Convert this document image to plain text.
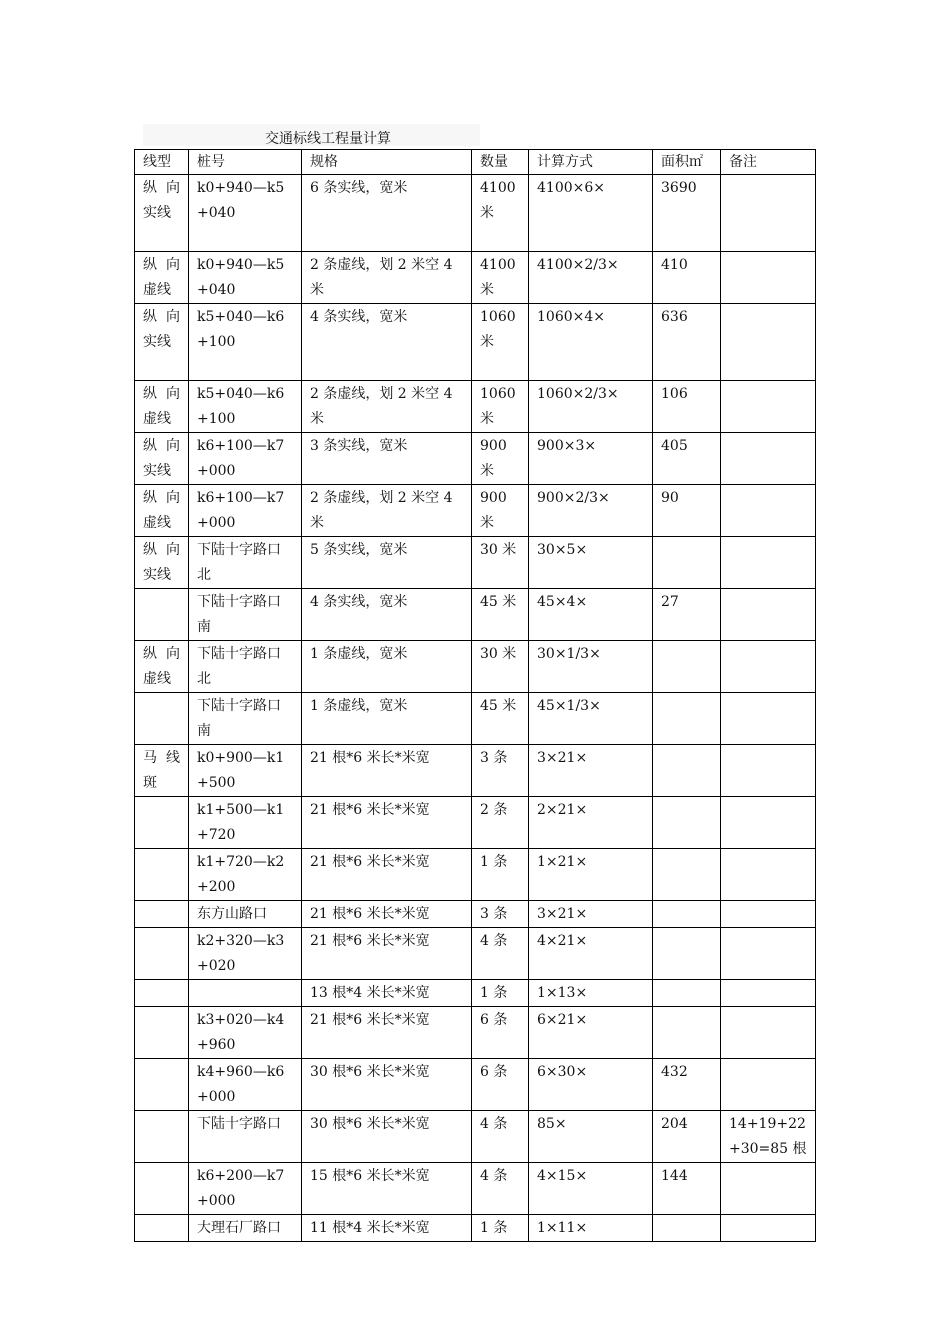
交通标线工程量计算
线型	桩号	规格	数量	计算方式	面积㎡	备注
纵 向 实线	k0+940—k5+040	6 条实线，宽米	4100 米	4100×6×	3690	
纵 向 虚线	k0+940—k5+040	2 条虚线，划 2 米空 4 米	4100 米	4100×2/3×	410	
纵 向 实线	k5+040—k6+100	4 条实线，宽米	1060 米	1060×4×	636	
纵 向 虚线	k5+040—k6+100	2 条虚线，划 2 米空 4 米	1060 米	1060×2/3×	106	
纵 向 实线	k6+100—k7+000	3 条实线，宽米	900 米	900×3×	405	
纵 向 虚线	k6+100—k7+000	2 条虚线，划 2 米空 4 米	900 米	900×2/3×	90	
纵 向 实线	下陆十字路口北	5 条实线，宽米	30 米	30×5×		
	下陆十字路口南	4 条实线，宽米	45 米	45×4×	27	
纵 向 虚线	下陆十字路口北	1 条虚线，宽米	30 米	30×1/3×		
	下陆十字路口南	1 条虚线，宽米	45 米	45×1/3×		
马 线 斑	k0+900—k1+500	21 根*6 米长*米宽	3 条	3×21×		
	k1+500—k1+720	21 根*6 米长*米宽	2 条	2×21×		
	k1+720—k2+200	21 根*6 米长*米宽	1 条	1×21×		
	东方山路口	21 根*6 米长*米宽	3 条	3×21×		
	k2+320—k3+020	21 根*6 米长*米宽	4 条	4×21×		
		13 根*4 米长*米宽	1 条	1×13×		
	k3+020—k4+960	21 根*6 米长*米宽	6 条	6×21×		
	k4+960—k6+000	30 根*6 米长*米宽	6 条	6×30×	432	
	下陆十字路口	30 根*6 米长*米宽	4 条	85×	204	14+19+22+30=85 根
	k6+200—k7+000	15 根*6 米长*米宽	4 条	4×15×	144	
	大理石厂路口	11 根*4 米长*米宽	1 条	1×11×		
